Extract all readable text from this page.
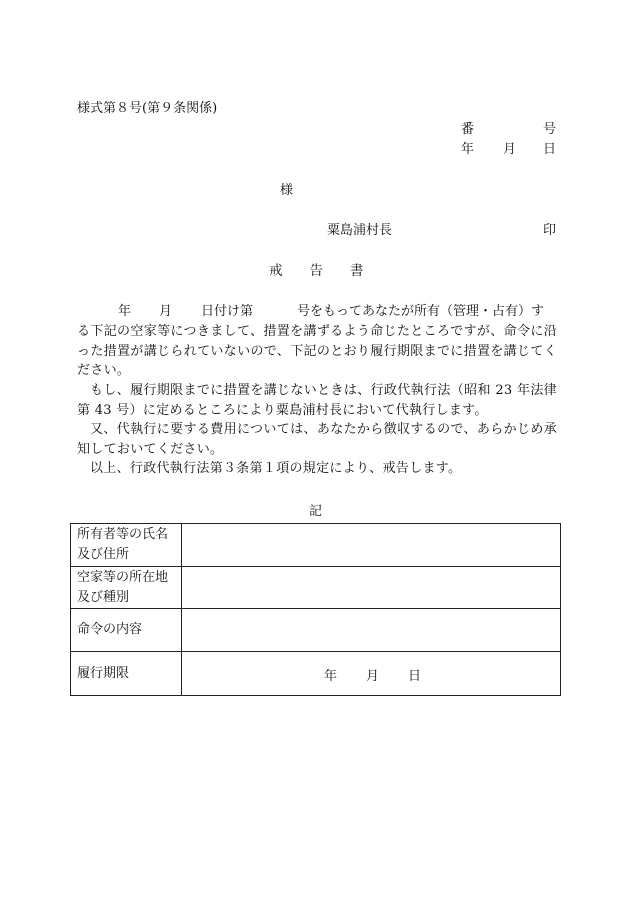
様式第８号(第９条関係)
番	号
年 月 日
様
粟島浦村長	印
戒　　告　　書
年 月 日付け第	号をもってあなたが所有（管理・占有）す
る下記の空家等につきまして、措置を講ずるよう命じたところですが、命令に沿った措置が講じられていないので、下記のとおり履行期限までに措置を講じてください。
もし、履行期限までに措置を講じないときは、行政代執行法（昭和 23 年法律第 43 号）に定めるところにより粟島浦村長において代執行します。
又、代執行に要する費用については、あなたから徴収するので、あらかじめ承知しておいてください。
以上、行政代執行法第３条第１項の規定により、戒告します。
記
所有者等の氏名
及び住所	

空家等の所在地
及び種別	

命令の内容	
履行期限	年 月 日
